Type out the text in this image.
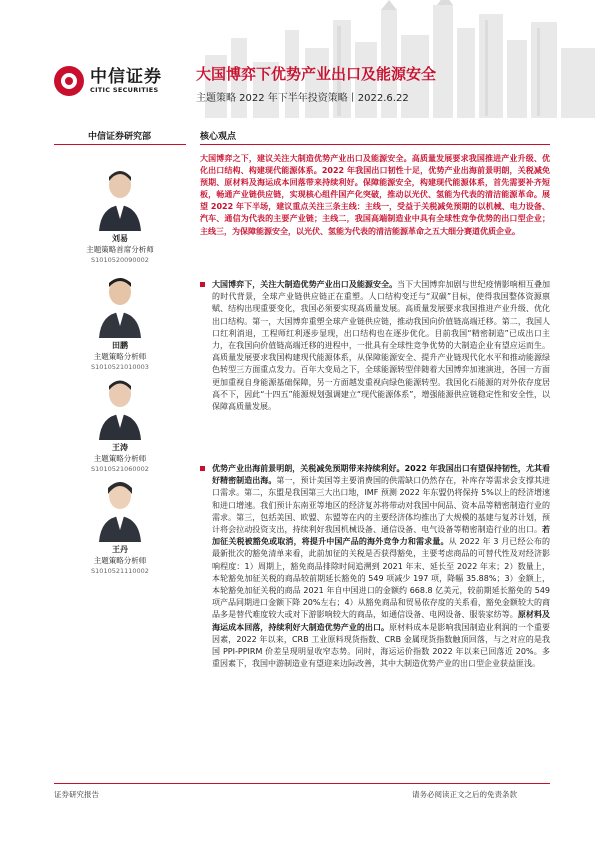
中信证券
CITIC SECURITIES
大国博弈下优势产业出口及能源安全
主题策略 2022 年下半年投资策略丨2022.6.22
中信证券研究部
刘易
主题策略首席分析师
S1010520090002
田鹏
主题策略分析师
S1010521010003
王涛
主题策略分析师
S1010521060002
王丹
主题策略分析师
S1010521110002
核心观点
大国博弈之下，建议关注大制造优势产业出口及能源安全。高质量发展要求我国推进产业升级、优化出口结构、构建现代能源体系。2022 年我国出口韧性十足，优势产业出海前景明朗，关税减免预期、原材料及海运成本回落带来持续利好。保障能源安全，构建现代能源体系，首先需要补齐短板，畅通产业链供应链，实现核心组件国产化突破，推动以光伏、氢能为代表的清洁能源革命。展望 2022 年下半场，建议重点关注三条主线：主线一，受益于关税减免预期的以机械、电力设备、汽车、通信为代表的主要产业链；主线二，我国高端制造业中具有全球性竞争优势的出口型企业；主线三，为保障能源安全，以光伏、氢能为代表的清洁能源革命之五大细分赛道优质企业。
大国博弈下，关注大制造优势产业出口及能源安全。当下大国博弈加剧与世纪疫情影响相互叠加的时代背景，全球产业链供应链正在重塑。人口结构变迁与“双碳”目标，使得我国整体资源禀赋、结构出现重要变化，我国必须要实现高质量发展。高质量发展要求我国推进产业升级、优化出口结构。第一，大国博弈重塑全球产业链供应链，推动我国向价值链高端迁移。第二，我国人口红利消退，工程师红利逐步显现，出口结构也在逐步优化。目前我国“精密制造”已成出口主力，在我国向价值链高端迁移的进程中，一批具有全球性竞争优势的大制造企业有望应运而生。高质量发展要求我国构建现代能源体系，从保障能源安全、提升产业链现代化水平和推动能源绿色转型三方面重点发力。百年大变局之下，全球能源转型伴随着大国博弈加速演进，各国一方面更加重视自身能源基础保障，另一方面越发重视向绿色能源转型。我国化石能源的对外依存度居高不下，因此“十四五”能源规划强调建立“现代能源体系”，增强能源供应链稳定性和安全性，以保障高质量发展。
优势产业出海前景明朗，关税减免预期带来持续利好。2022 年我国出口有望保持韧性，尤其看好精密制造出海。第一，预计美国等主要消费国的供需缺口仍然存在，补库存等需求会支撑其进口需求。第二，东盟是我国第三大出口地，IMF 预测 2022 年东盟仍将保持 5%以上的经济增速和进口增速。我们预计东南亚等地区的经济复苏将带动对我国中间品、资本品等精密制造行业的需求。第三，包括美国、欧盟、东盟等在内的主要经济体均推出了大规模的基建与复苏计划，预计将会拉动投资支出，持续利好我国机械设备、通信设备、电气设备等精密制造行业的出口。若加征关税被豁免或取消，将提升中国产品的海外竞争力和需求量。从 2022 年 3 月已经公布的最新批次的豁免清单来看，此前加征的关税是否获得豁免，主要考虑商品的可替代性及对经济影响程度：1）周期上，豁免商品排除时间追溯到 2021 年末、延长至 2022 年末；2）数量上，本轮豁免加征关税的商品较前期延长豁免的 549 项减少 197 项，降幅 35.88%；3）金额上，本轮豁免加征关税的商品 2021 年自中国进口的金额约 668.8 亿美元，较前期延长豁免的 549 项产品同期进口金额下降 20%左右；4）从豁免商品和贸易依存度的关系看，豁免金额较大的商品多是替代难度较大或对下游影响较大的商品，如通信设备、电网设备、服装家纺等。原材料及海运成本回落，持续利好大制造优势产业的出口。原材料成本是影响我国制造业利润的一个重要因素，2022 年以来，CRB 工业原料现货指数、CRB 金属现货指数触顶回落，与之对应的是我国 PPI-PPIRM 价差呈现明显收窄态势。同时，海运运价指数 2022 年以来已回落近 20%。多重因素下，我国中游制造业有望迎来边际改善，其中大制造优势产业的出口型企业获益匪浅。
证券研究报告	请务必阅读正文之后的免责条款
